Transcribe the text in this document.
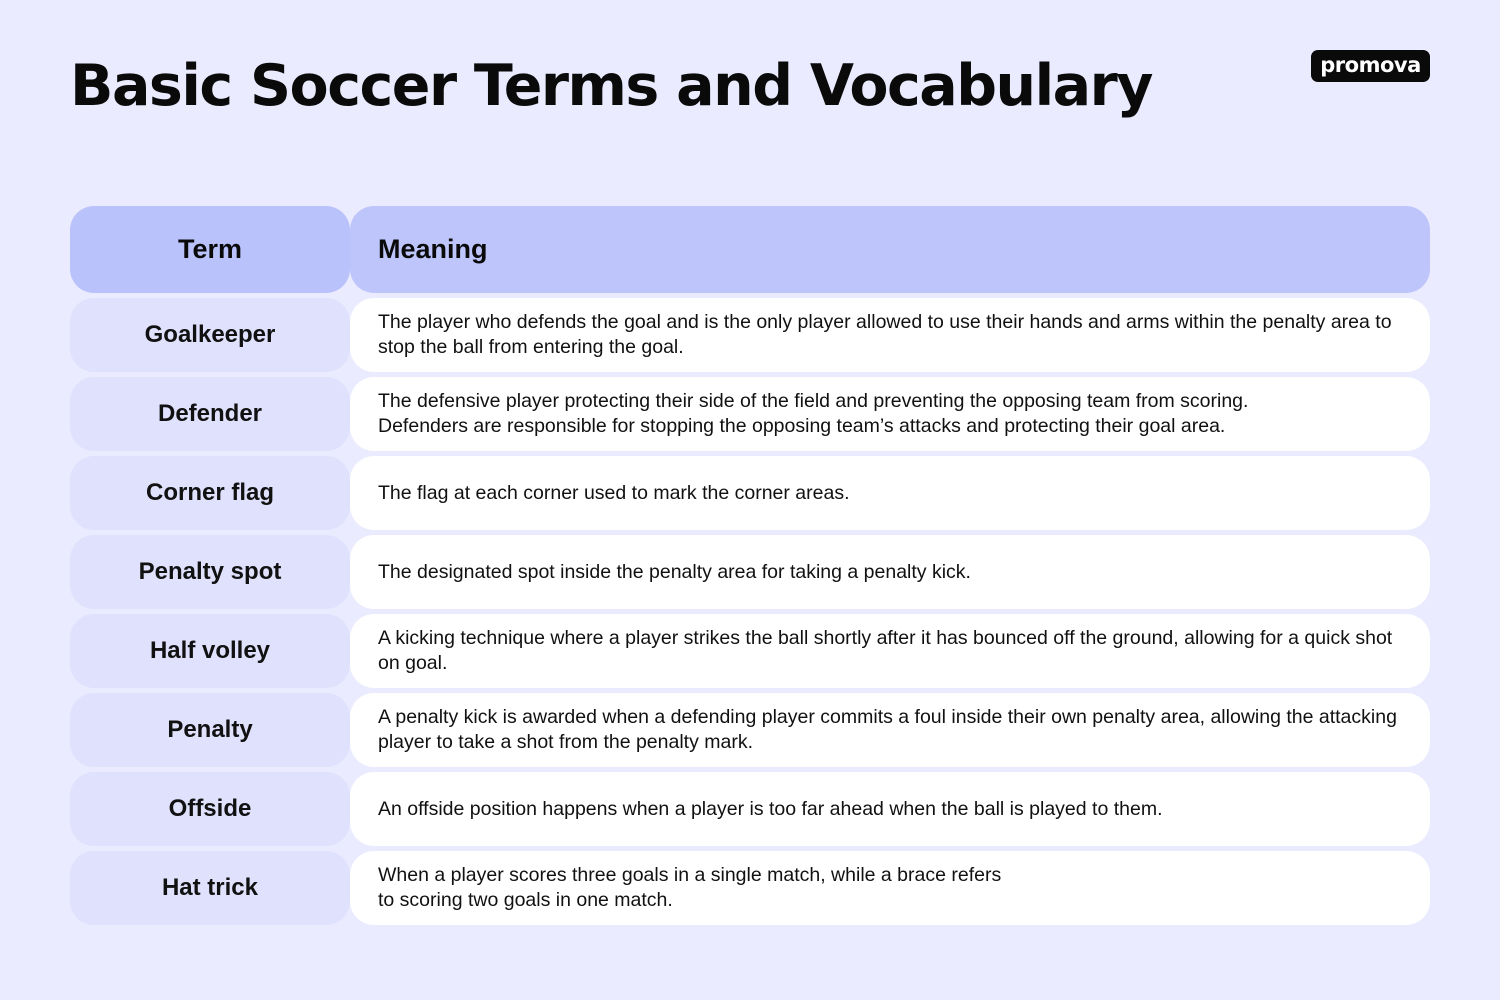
Basic Soccer Terms and Vocabulary	promova
Term	Meaning
Goalkeeper	The player who defends the goal and is the only player allowed to use their hands and arms within the penalty area to stop the ball from entering the goal.
Defender	The defensive player protecting their side of the field and preventing the opposing team from scoring.
Defenders are responsible for stopping the opposing team’s attacks and protecting their goal area.
Corner flag	The flag at each corner used to mark the corner areas.
Penalty spot	The designated spot inside the penalty area for taking a penalty kick.
Half volley	A kicking technique where a player strikes the ball shortly after it has bounced off the ground, allowing for a quick shot on goal.
Penalty	A penalty kick is awarded when a defending player commits a foul inside their own penalty area, allowing the attacking player to take a shot from the penalty mark.
Offside	An offside position happens when a player is too far ahead when the ball is played to them.
Hat trick	When a player scores three goals in a single match, while a brace refers
to scoring two goals in one match.
